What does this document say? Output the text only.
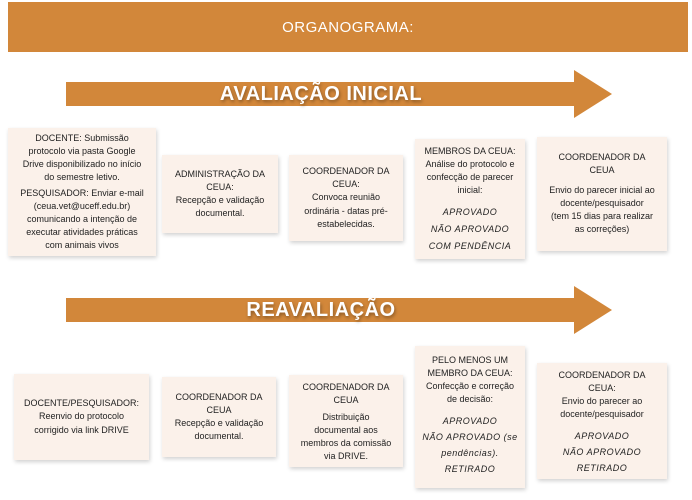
ORGANOGRAMA:
AVALIAÇÃO INICIAL
DOCENTE: Submissão
protocolo via pasta Google
Drive disponibilizado no início
do semestre letivo.
PESQUISADOR: Enviar e-mail
(ceua.vet@uceff.edu.br)
comunicando a intenção de
executar atividades práticas
com animais vivos
ADMINISTRAÇÃO DA
CEUA:
Recepção e validação
documental.
COORDENADOR DA
CEUA:
Convoca reunião
ordinária - datas pré-
estabelecidas.
MEMBROS DA CEUA:
Análise do protocolo e
confecção de parecer
inicial:
APROVADO
NÃO APROVADO
COM PENDÊNCIA
COORDENADOR DA
CEUA
Envio do parecer inicial ao
docente/pesquisador
(tem 15 dias para realizar
as correções)
REAVALIAÇÃO
DOCENTE/PESQUISADOR:
Reenvio do protocolo
corrigido via link DRIVE
COORDENADOR DA
CEUA
Recepção e validação
documental.
COORDENADOR DA
CEUA
Distribuição
documental aos
membros da comissão
via DRIVE.
PELO MENOS UM
MEMBRO DA CEUA:
Confecção e correção
de decisão:
APROVADO
NÃO APROVADO (se
pendências).
RETIRADO
COORDENADOR DA
CEUA:
Envio do parecer ao
docente/pesquisador
APROVADO
NÃO APROVADO
RETIRADO
